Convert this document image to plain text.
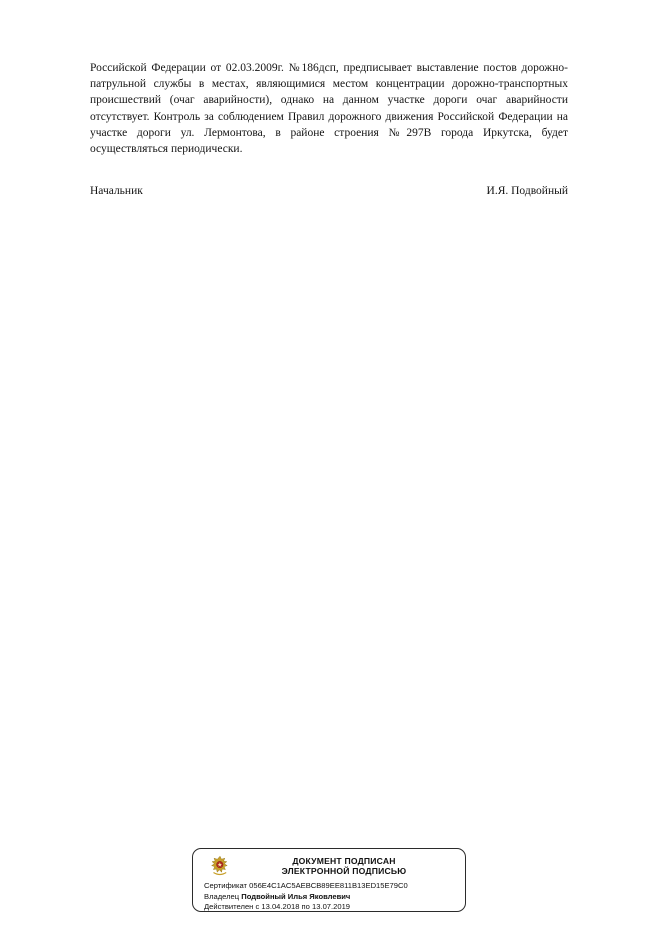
Российской Федерации от 02.03.2009г. №186дсп, предписывает выставление постов дорожно-патрульной службы в местах, являющимися местом концентрации дорожно-транспортных происшествий (очаг аварийности), однако на данном участке дороги очаг аварийности отсутствует. Контроль за соблюдением Правил дорожного движения Российской Федерации на участке дороги ул. Лермонтова, в районе строения №297В города Иркутска, будет осуществляться периодически.

Начальник	И.Я. Подвойный
ДОКУМЕНТ ПОДПИСАН
ЭЛЕКТРОННОЙ ПОДПИСЬЮ
Сертификат 056E4C1AC5AEBCB89EE811B13ED15E79C0
Владелец Подвойный Илья Яковлевич
Действителен с 13.04.2018 по 13.07.2019
